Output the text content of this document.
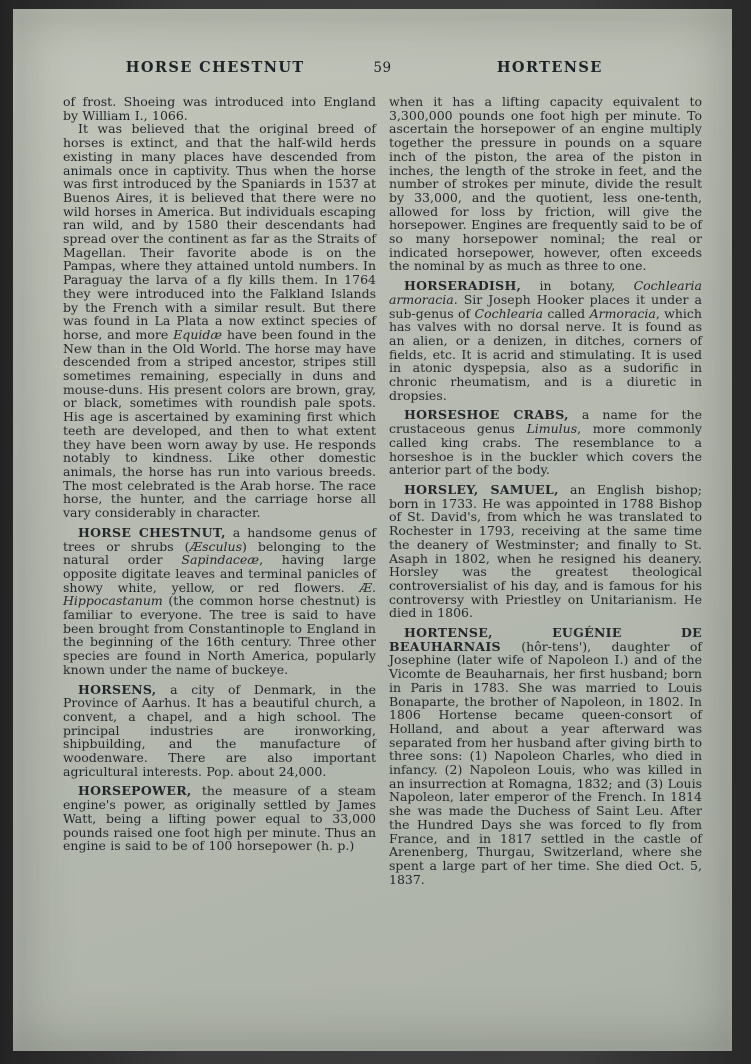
HORSE CHESTNUT	59	HORTENSE

of frost. Shoeing was introduced into England by William I., 1066.

It was believed that the original breed of horses is extinct, and that the half-wild herds existing in many places have descended from animals once in captivity. Thus when the horse was first introduced by the Spaniards in 1537 at Buenos Aires, it is believed that there were no wild horses in America. But individuals escaping ran wild, and by 1580 their descendants had spread over the continent as far as the Straits of Magellan. Their favorite abode is on the Pampas, where they attained untold numbers. In Paraguay the larva of a fly kills them. In 1764 they were introduced into the Falkland Islands by the French with a similar result. But there was found in La Plata a now extinct species of horse, and more Equidæ have been found in the New than in the Old World. The horse may have descended from a striped ancestor, stripes still sometimes remaining, especially in duns and mouse-duns. His present colors are brown, gray, or black, sometimes with roundish pale spots. His age is ascertained by examining first which teeth are developed, and then to what extent they have been worn away by use. He responds notably to kindness. Like other domestic animals, the horse has run into various breeds. The most celebrated is the Arab horse. The race horse, the hunter, and the carriage horse all vary considerably in character.

HORSE CHESTNUT, a handsome genus of trees or shrubs (Æsculus) belonging to the natural order Sapindaceæ, having large opposite digitate leaves and terminal panicles of showy white, yellow, or red flowers. Æ. Hippocastanum (the common horse chestnut) is familiar to everyone. The tree is said to have been brought from Constantinople to England in the beginning of the 16th century. Three other species are found in North America, popularly known under the name of buckeye.

HORSENS, a city of Denmark, in the Province of Aarhus. It has a beautiful church, a convent, a chapel, and a high school. The principal industries are ironworking, shipbuilding, and the manufacture of woodenware. There are also important agricultural interests. Pop. about 24,000.

HORSEPOWER, the measure of a steam engine's power, as originally settled by James Watt, being a lifting power equal to 33,000 pounds raised one foot high per minute. Thus an engine is said to be of 100 horsepower (h. p.)

when it has a lifting capacity equivalent to 3,300,000 pounds one foot high per minute. To ascertain the horsepower of an engine multiply together the pressure in pounds on a square inch of the piston, the area of the piston in inches, the length of the stroke in feet, and the number of strokes per minute, divide the result by 33,000, and the quotient, less one-tenth, allowed for loss by friction, will give the horsepower. Engines are frequently said to be of so many horsepower nominal; the real or indicated horsepower, however, often exceeds the nominal by as much as three to one.

HORSERADISH, in botany, Cochlearia armoracia. Sir Joseph Hooker places it under a sub-genus of Cochlearia called Armoracia, which has valves with no dorsal nerve. It is found as an alien, or a denizen, in ditches, corners of fields, etc. It is acrid and stimulating. It is used in atonic dyspepsia, also as a sudorific in chronic rheumatism, and is a diuretic in dropsies.

HORSESHOE CRABS, a name for the crustaceous genus Limulus, more commonly called king crabs. The resemblance to a horseshoe is in the buckler which covers the anterior part of the body.

HORSLEY, SAMUEL, an English bishop; born in 1733. He was appointed in 1788 Bishop of St. David's, from which he was translated to Rochester in 1793, receiving at the same time the deanery of Westminster; and finally to St. Asaph in 1802, when he resigned his deanery. Horsley was the greatest theological controversialist of his day, and is famous for his controversy with Priestley on Unitarianism. He died in 1806.

HORTENSE, EUGÉNIE DE BEAUHARNAIS (hôr-tens'), daughter of Josephine (later wife of Napoleon I.) and of the Vicomte de Beauharnais, her first husband; born in Paris in 1783. She was married to Louis Bonaparte, the brother of Napoleon, in 1802. In 1806 Hortense became queen-consort of Holland, and about a year afterward was separated from her husband after giving birth to three sons: (1) Napoleon Charles, who died in infancy. (2) Napoleon Louis, who was killed in an insurrection at Romagna, 1832; and (3) Louis Napoleon, later emperor of the French. In 1814 she was made the Duchess of Saint Leu. After the Hundred Days she was forced to fly from France, and in 1817 settled in the castle of Arenenberg, Thurgau, Switzerland, where she spent a large part of her time. She died Oct. 5, 1837.
